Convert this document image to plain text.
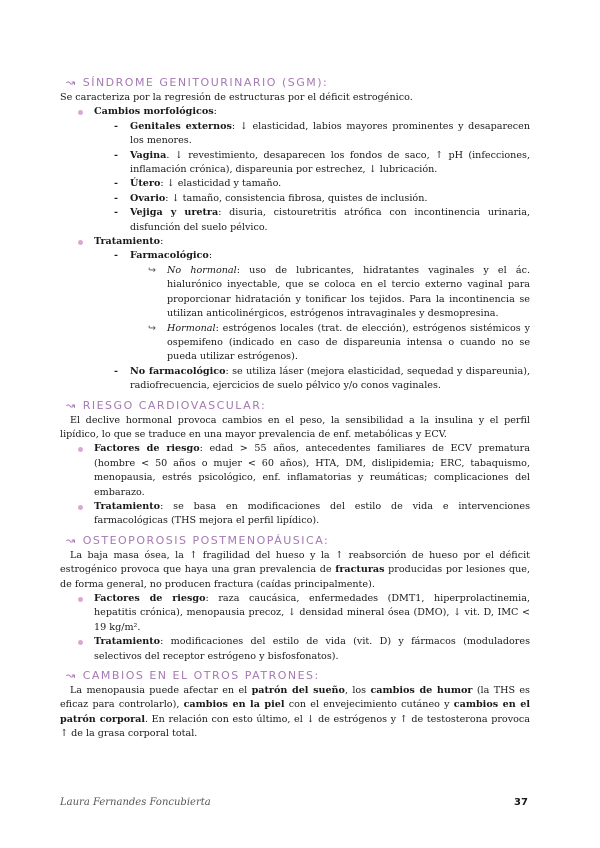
↝ SÍNDROME GENITOURINARIO (SGM):

Se caracteriza por la regresión de estructuras por el déficit estrogénico.

Cambios morfológicos:
- Genitales externos: ↓ elasticidad, labios mayores prominentes y desaparecen los menores.
- Vagina. ↓ revestimiento, desaparecen los fondos de saco, ↑ pH (infecciones, inflamación crónica), dispareunia por estrechez, ↓ lubricación.
- Útero: ↓ elasticidad y tamaño.
- Ovario: ↓ tamaño, consistencia fibrosa, quistes de inclusión.
- Vejiga y uretra: disuria, cistouretritis atrófica con incontinencia urinaria, disfunción del suelo pélvico.
Tratamiento:
- Farmacológico:
↪ No hormonal: uso de lubricantes, hidratantes vaginales y el ác. hialurónico inyectable, que se coloca en el tercio externo vaginal para proporcionar hidratación y tonificar los tejidos. Para la incontinencia se utilizan anticolinérgicos, estrógenos intravaginales y desmopresina.
↪ Hormonal: estrógenos locales (trat. de elección), estrógenos sistémicos y ospemifeno (indicado en caso de dispareunia intensa o cuando no se pueda utilizar estrógenos).
- No farmacológico: se utiliza láser (mejora elasticidad, sequedad y dispareunia), radiofrecuencia, ejercicios de suelo pélvico y/o conos vaginales.
↝ RIESGO CARDIOVASCULAR:

El declive hormonal provoca cambios en el peso, la sensibilidad a la insulina y el perfil lipídico, lo que se traduce en una mayor prevalencia de enf. metabólicas y ECV.

Factores de riesgo: edad > 55 años, antecedentes familiares de ECV prematura (hombre < 50 años o mujer < 60 años), HTA, DM, dislipidemia; ERC, tabaquismo, menopausia, estrés psicológico, enf. inflamatorias y reumáticas; complicaciones del embarazo.
Tratamiento: se basa en modificaciones del estilo de vida e intervenciones farmacológicas (THS mejora el perfil lipídico).
↝ OSTEOPOROSIS POSTMENOPÁUSICA:

La baja masa ósea, la ↑ fragilidad del hueso y la ↑ reabsorción de hueso por el déficit estrogénico provoca que haya una gran prevalencia de fracturas producidas por lesiones que, de forma general, no producen fractura (caídas principalmente).

Factores de riesgo: raza caucásica, enfermedades (DMT1, hiperprolactinemia, hepatitis crónica), menopausia precoz, ↓ densidad mineral ósea (DMO), ↓ vit. D, IMC < 19 kg/m².
Tratamiento: modificaciones del estilo de vida (vit. D) y fármacos (moduladores selectivos del receptor estrógeno y bisfosfonatos).
↝ CAMBIOS EN EL OTROS PATRONES:

La menopausia puede afectar en el patrón del sueño, los cambios de humor (la THS es eficaz para controlarlo), cambios en la piel con el envejecimiento cutáneo y cambios en el patrón corporal. En relación con esto último, el ↓ de estrógenos y ↑ de testosterona provoca ↑ de la grasa corporal total.

Laura Fernandes Foncubierta	37
